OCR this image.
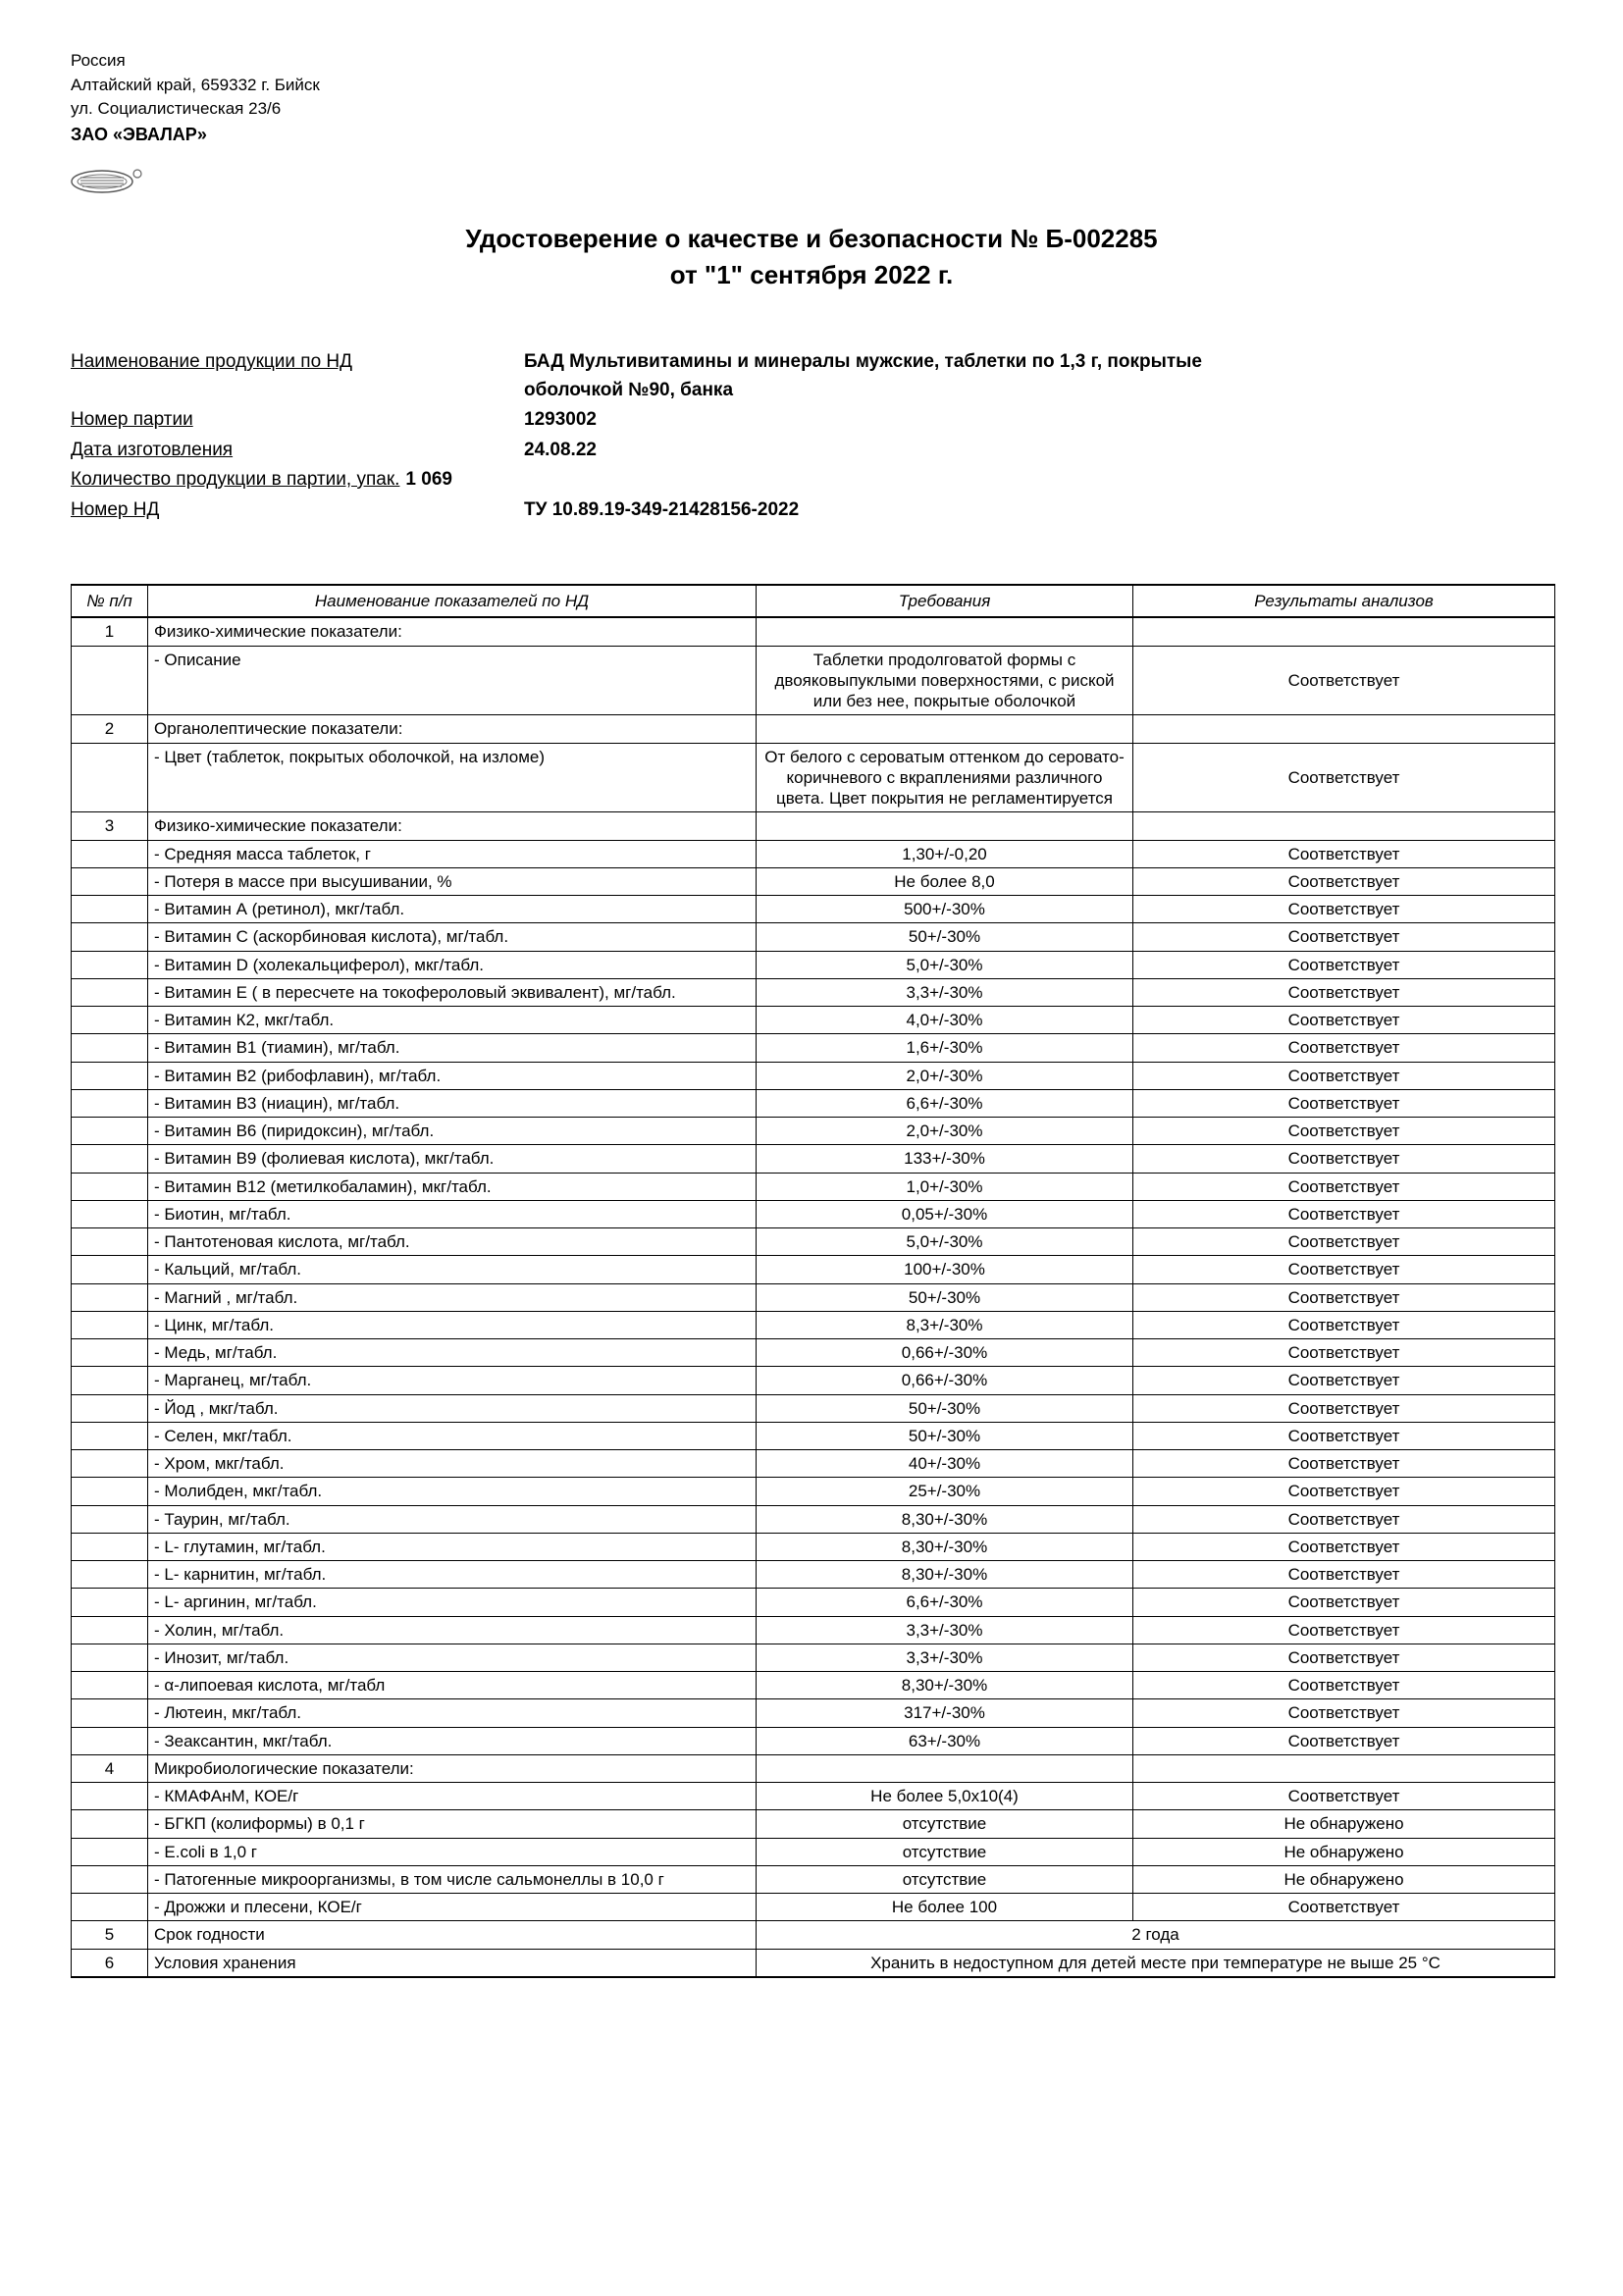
Россия
Алтайский край, 659332 г. Бийск
ул. Социалистическая 23/6
ЗАО «ЭВАЛАР»
Удостоверение о качестве и безопасности № Б-002285
от "1" сентября 2022 г.
Наименование продукции по НД	БАД Мультивитамины и минералы мужские, таблетки по 1,3 г, покрытые оболочкой №90, банка
Номер партии	1293002
Дата изготовления	24.08.22
Количество продукции в партии, упак. 1 069
Номер НД	ТУ 10.89.19-349-21428156-2022
№ п/п	Наименование показателей по НД	Требования	Результаты анализов
1	Физико-химические показатели:		
	- Описание	Таблетки продолговатой формы с двояковыпуклыми поверхностями, с риской или без нее, покрытые оболочкой	Соответствует
2	Органолептические показатели:		
	- Цвет (таблеток, покрытых оболочкой, на изломе)	От белого с сероватым оттенком до серовато-коричневого с вкраплениями различного цвета. Цвет покрытия не регламентируется	Соответствует
3	Физико-химические показатели:		
	- Средняя масса таблеток, г	1,30+/-0,20	Соответствует
	- Потеря в массе при высушивании, %	Не более 8,0	Соответствует
	- Витамин А (ретинол), мкг/табл.	500+/-30%	Соответствует
	- Витамин С (аскорбиновая кислота), мг/табл.	50+/-30%	Соответствует
	- Витамин D (холекальциферол), мкг/табл.	5,0+/-30%	Соответствует
	- Витамин Е ( в пересчете на токофероловый эквивалент), мг/табл.	3,3+/-30%	Соответствует
	- Витамин К2, мкг/табл.	4,0+/-30%	Соответствует
	- Витамин В1 (тиамин), мг/табл.	1,6+/-30%	Соответствует
	- Витамин В2 (рибофлавин), мг/табл.	2,0+/-30%	Соответствует
	- Витамин В3 (ниацин), мг/табл.	6,6+/-30%	Соответствует
	- Витамин В6 (пиридоксин), мг/табл.	2,0+/-30%	Соответствует
	- Витамин В9 (фолиевая кислота), мкг/табл.	133+/-30%	Соответствует
	- Витамин В12 (метилкобаламин), мкг/табл.	1,0+/-30%	Соответствует
	- Биотин, мг/табл.	0,05+/-30%	Соответствует
	- Пантотеновая кислота, мг/табл.	5,0+/-30%	Соответствует
	- Кальций, мг/табл.	100+/-30%	Соответствует
	- Магний , мг/табл.	50+/-30%	Соответствует
	- Цинк, мг/табл.	8,3+/-30%	Соответствует
	- Медь, мг/табл.	0,66+/-30%	Соответствует
	- Марганец, мг/табл.	0,66+/-30%	Соответствует
	- Йод , мкг/табл.	50+/-30%	Соответствует
	- Селен, мкг/табл.	50+/-30%	Соответствует
	- Хром, мкг/табл.	40+/-30%	Соответствует
	- Молибден, мкг/табл.	25+/-30%	Соответствует
	- Таурин, мг/табл.	8,30+/-30%	Соответствует
	- L- глутамин, мг/табл.	8,30+/-30%	Соответствует
	- L- карнитин, мг/табл.	8,30+/-30%	Соответствует
	- L- аргинин, мг/табл.	6,6+/-30%	Соответствует
	- Холин, мг/табл.	3,3+/-30%	Соответствует
	- Инозит, мг/табл.	3,3+/-30%	Соответствует
	- α-липоевая кислота, мг/табл	8,30+/-30%	Соответствует
	- Лютеин, мкг/табл.	317+/-30%	Соответствует
	- Зеаксантин, мкг/табл.	63+/-30%	Соответствует
4	Микробиологические показатели:		
	- КМАФАнМ, КОЕ/г	Не более 5,0х10(4)	Соответствует
	- БГКП (колиформы) в 0,1 г	отсутствие	Не обнаружено
	- E.coli в 1,0 г	отсутствие	Не обнаружено
	- Патогенные микроорганизмы, в том числе сальмонеллы в 10,0 г	отсутствие	Не обнаружено
	- Дрожжи и плесени, КОЕ/г	Не более 100	Соответствует
5	Срок годности	2 года	
6	Условия хранения	Хранить в недоступном для детей месте при температуре не выше 25 °С	
